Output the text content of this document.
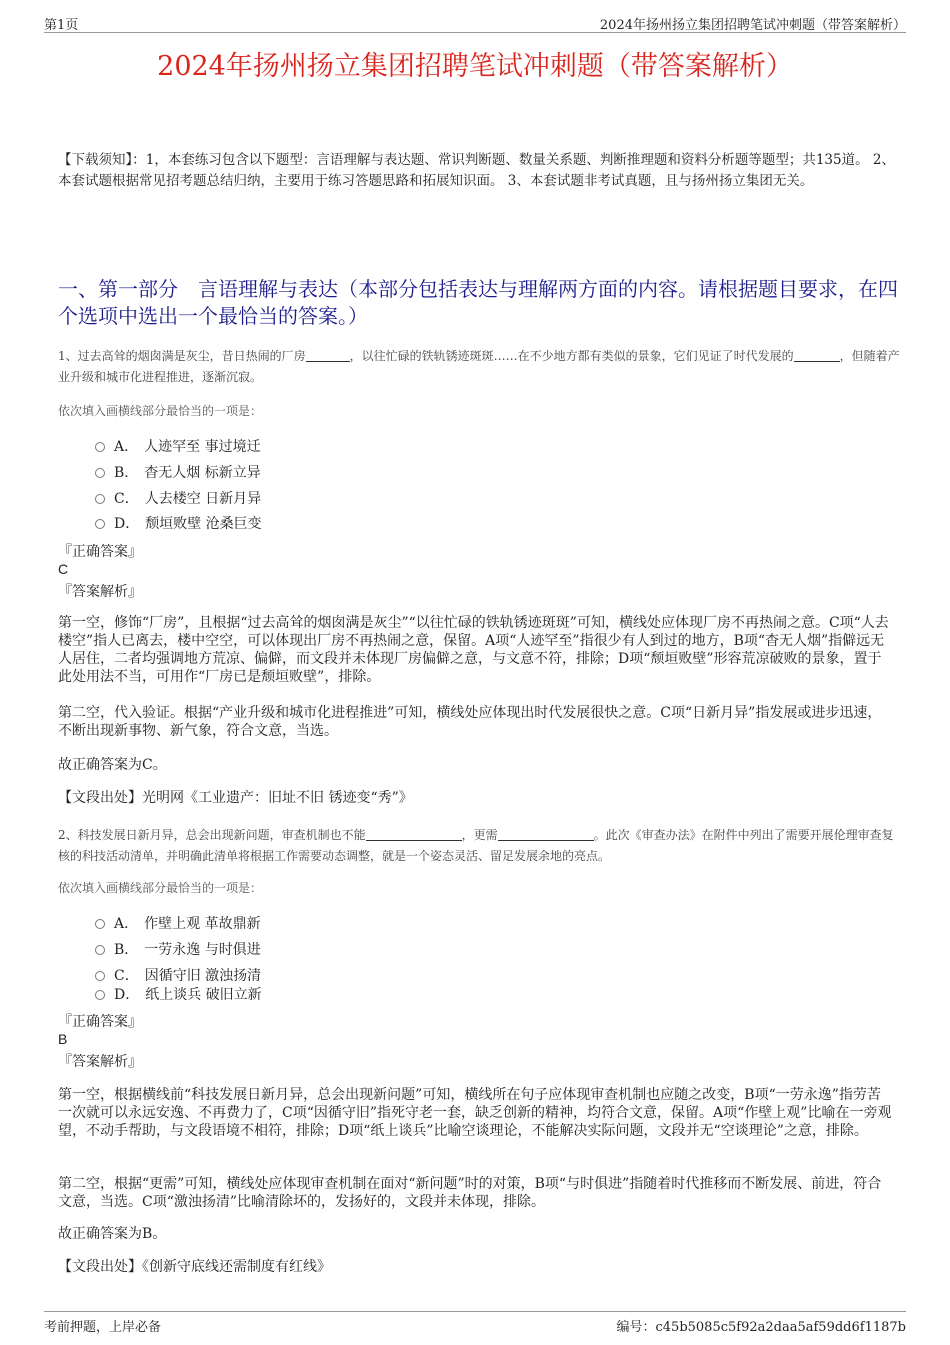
第1页	2024年扬州扬立集团招聘笔试冲刺题（带答案解析）
2024年扬州扬立集团招聘笔试冲刺题（带答案解析）
【下载须知】：1，本套练习包含以下题型：言语理解与表达题、常识判断题、数量关系题、判断推理题和资料分析题等题型；共135道。 2、本套试题根据常见招考题总结归纳，主要用于练习答题思路和拓展知识面。 3、本套试题非考试真题，且与扬州扬立集团无关。
一、第一部分　言语理解与表达（本部分包括表达与理解两方面的内容。请根据题目要求，在四个选项中选出一个最恰当的答案。）
1、过去高耸的烟囱满是灰尘，昔日热闹的厂房	，以往忙碌的铁轨锈迹斑斑……在不少地方都有类似的景象，它们见证了时代发展的	，但随着产业升级和城市化进程推进，逐渐沉寂。
依次填入画横线部分最恰当的一项是：
A． 人迹罕至 事过境迁
B． 杳无人烟 标新立异
C． 人去楼空 日新月异
D． 颓垣败壁 沧桑巨变
『正确答案』
C
『答案解析』
第一空，修饰“厂房”，且根据“过去高耸的烟囱满是灰尘”“以往忙碌的铁轨锈迹斑斑”可知，横线处应体现厂房不再热闹之意。C项“人去楼空”指人已离去，楼中空空，可以体现出厂房不再热闹之意，保留。A项“人迹罕至”指很少有人到过的地方，B项“杳无人烟”指僻远无人居住，二者均强调地方荒凉、偏僻，而文段并未体现厂房偏僻之意，与文意不符，排除；D项“颓垣败壁”形容荒凉破败的景象，置于此处用法不当，可用作“厂房已是颓垣败壁”，排除。
第二空，代入验证。根据“产业升级和城市化进程推进”可知，横线处应体现出时代发展很快之意。C项“日新月异”指发展或进步迅速，不断出现新事物、新气象，符合文意，当选。
故正确答案为C。
【文段出处】光明网《工业遗产：旧址不旧 锈迹变“秀”》
2、科技发展日新月异，总会出现新问题，审查机制也不能	，更需	。此次《审查办法》在附件中列出了需要开展伦理审查复核的科技活动清单，并明确此清单将根据工作需要动态调整，就是一个姿态灵活、留足发展余地的亮点。
依次填入画横线部分最恰当的一项是：
A． 作壁上观 革故鼎新
B． 一劳永逸 与时俱进
C． 因循守旧 激浊扬清
D． 纸上谈兵 破旧立新
『正确答案』
B
『答案解析』
第一空，根据横线前“科技发展日新月异，总会出现新问题”可知，横线所在句子应体现审查机制也应随之改变，B项“一劳永逸”指劳苦一次就可以永远安逸、不再费力了，C项“因循守旧”指死守老一套，缺乏创新的精神，均符合文意，保留。A项“作壁上观”比喻在一旁观望，不动手帮助，与文段语境不相符，排除；D项“纸上谈兵”比喻空谈理论，不能解决实际问题，文段并无“空谈理论”之意，排除。
第二空，根据“更需”可知，横线处应体现审查机制在面对“新问题”时的对策，B项“与时俱进”指随着时代推移而不断发展、前进，符合文意，当选。C项“激浊扬清”比喻清除坏的，发扬好的，文段并未体现，排除。
故正确答案为B。
【文段出处】《创新守底线还需制度有红线》
考前押题，上岸必备	编号：c45b5085c5f92a2daa5af59dd6f1187b
